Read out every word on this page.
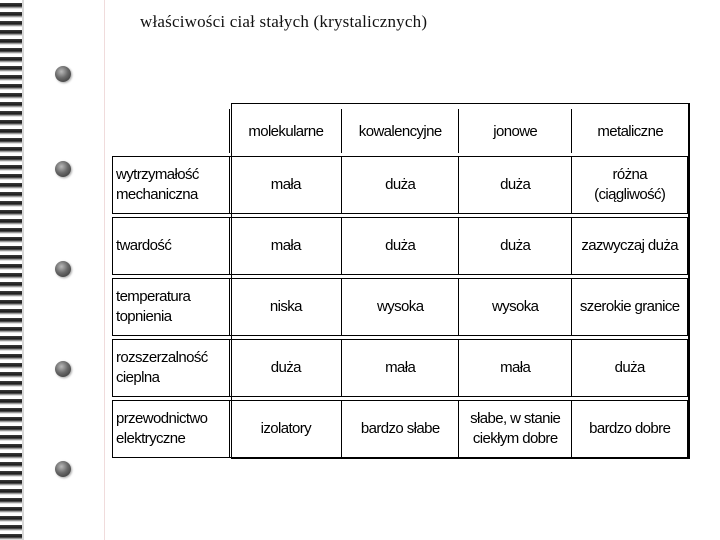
właściwości ciał stałych (krystalicznych)
	molekularne	kowalencyjne	jonowe	metaliczne
wytrzymałość mechaniczna	mała	duża	duża	różna (ciągliwość)
twardość	mała	duża	duża	zazwyczaj duża
temperatura topnienia	niska	wysoka	wysoka	szerokie granice
rozszerzalność cieplna	duża	mała	mała	duża
przewodnictwo elektryczne	izolatory	bardzo słabe	słabe, w stanie ciekłym dobre	bardzo dobre
